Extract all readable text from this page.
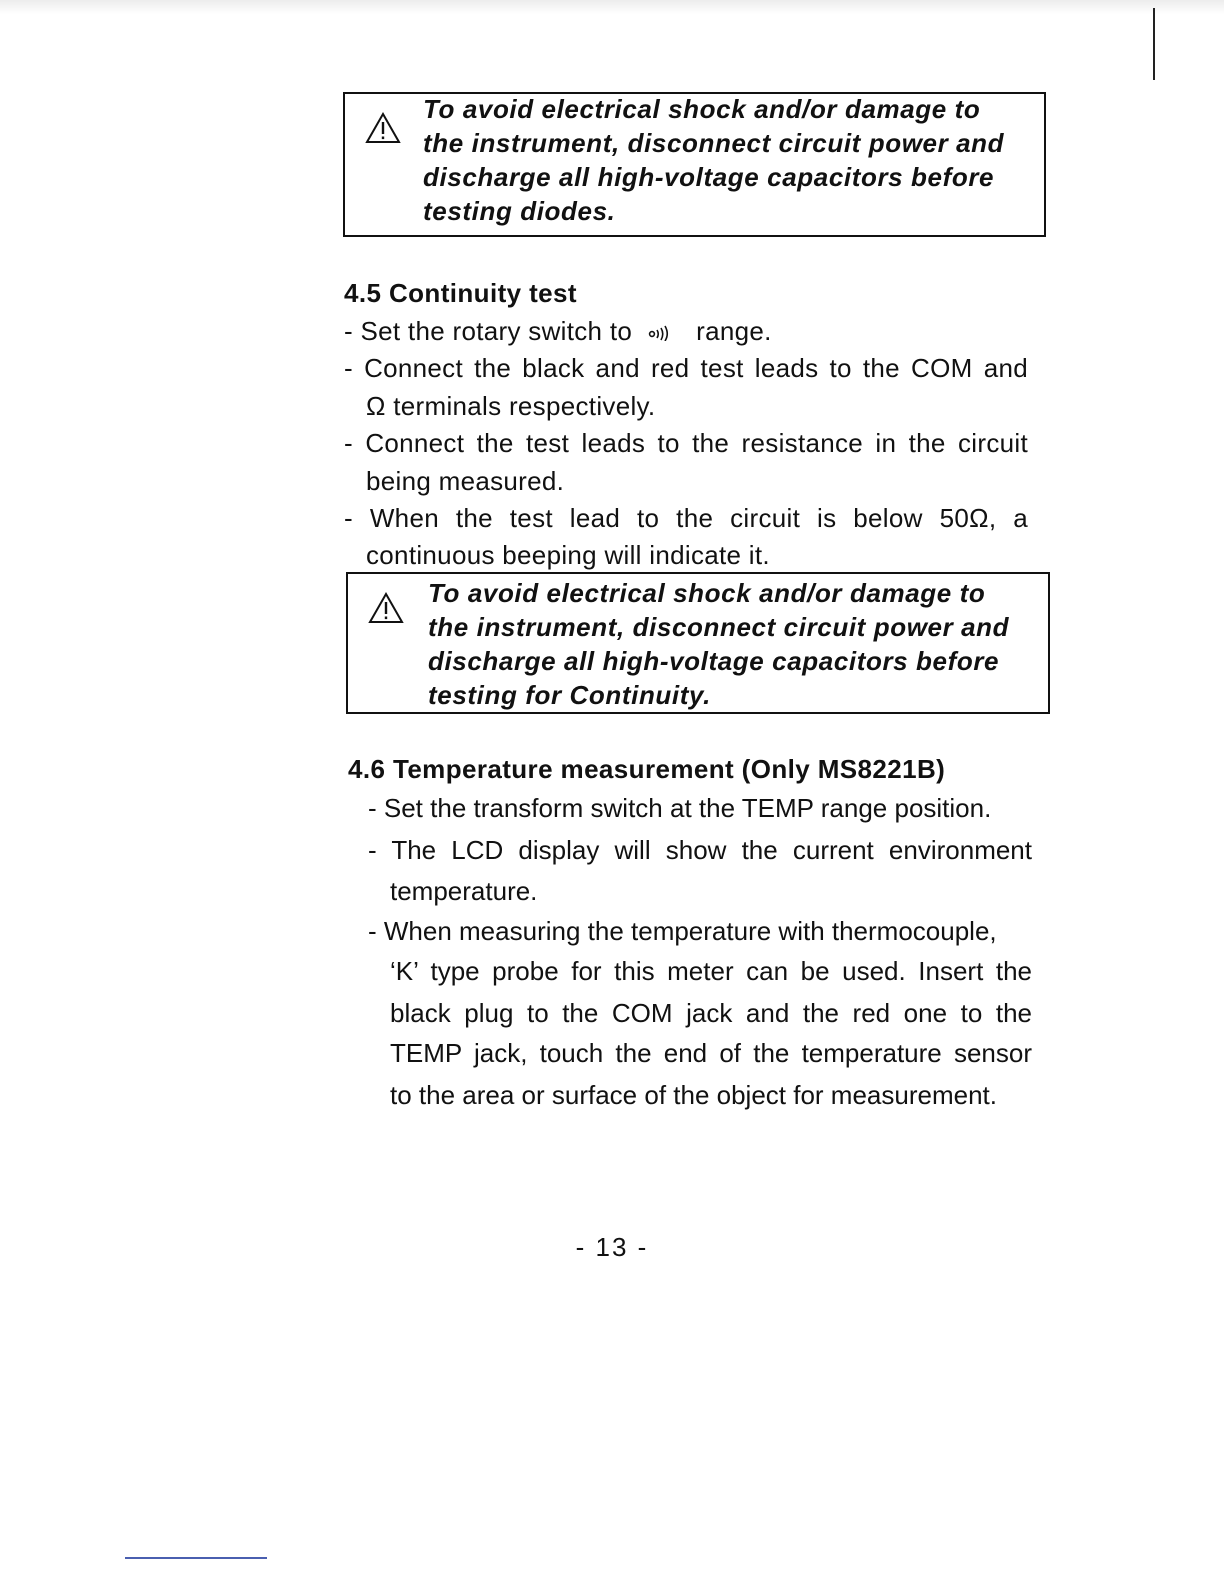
To avoid electrical shock and/or damage to
the instrument, disconnect circuit power and
discharge all high-voltage capacitors before
testing diodes.
4.5 Continuity test
- Set the rotary switch to range.
- Connect the black and red test leads to the COM and
Ω terminals respectively.
- Connect the test leads to the resistance in the circuit
being measured.
- When the test lead to the circuit is below 50Ω, a
continuous beeping will indicate it.
To avoid electrical shock and/or damage to
the instrument, disconnect circuit power and
discharge all high-voltage capacitors before
testing for Continuity.
4.6 Temperature measurement (Only MS8221B)
- Set the transform switch at the TEMP range position.
- The LCD display will show the current environment
temperature.
- When measuring the temperature with thermocouple,
‘K’ type probe for this meter can be used. Insert the
black plug to the COM jack and the red one to the
TEMP jack, touch the end of the temperature sensor
to the area or surface of the object for measurement.
- 13 -
